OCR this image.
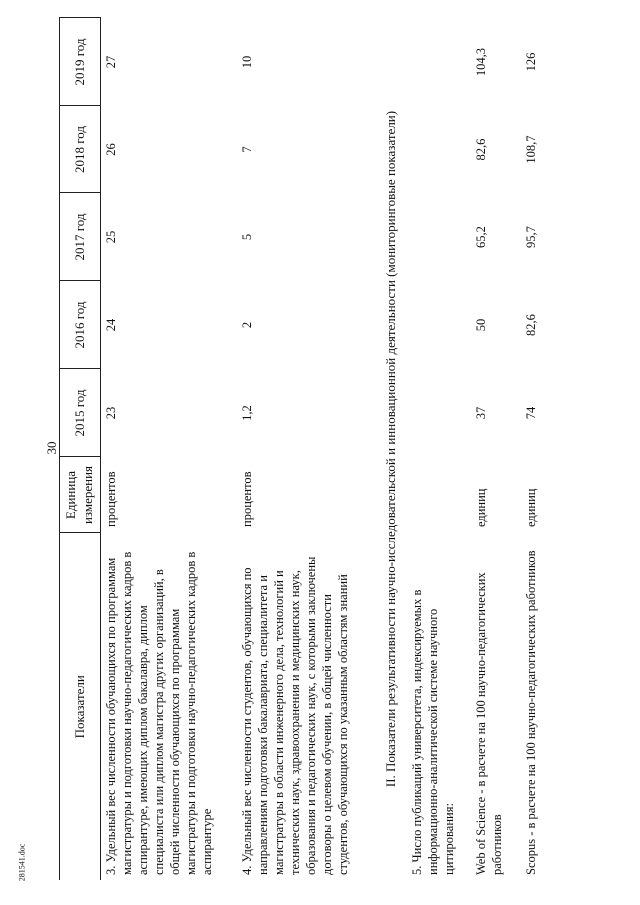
30
281541.doc
Показатели	Единица измерения	2015 год	2016 год	2017 год	2018 год	2019 год
3. Удельный вес численности обучающихся по программам магистратуры и подготовки научно-педагогических кадров в аспирантуре, имеющих диплом бакалавра, диплом специалиста или диплом магистра других организаций, в общей численности обучающихся по программам магистратуры и подготовки научно-педагогических кадров в аспирантуре	процентов	23	24	25	26	27
4. Удельный вес численности студентов, обучающихся по направлениям подготовки бакалавриата, специалитета и магистратуры в области инженерного дела, технологий и технических наук, здравоохранения и медицинских наук, образования и педагогических наук, с которыми заключены договоры о целевом обучении, в общей численности студентов, обучающихся по указанным областям знаний	процентов	1,2	2	5	7	10
II. Показатели результативности научно-исследовательской и инновационной деятельности (мониторинговые показатели)						
5. Число публикаций университета, индексируемых в информационно-аналитической системе научного цитирования:						
Web of Science - в расчете на 100 научно-педагогических работников	единиц	37	50	65,2	82,6	104,3
Scopus - в расчете на 100 научно-педагогических работников	единиц	74	82,6	95,7	108,7	126
